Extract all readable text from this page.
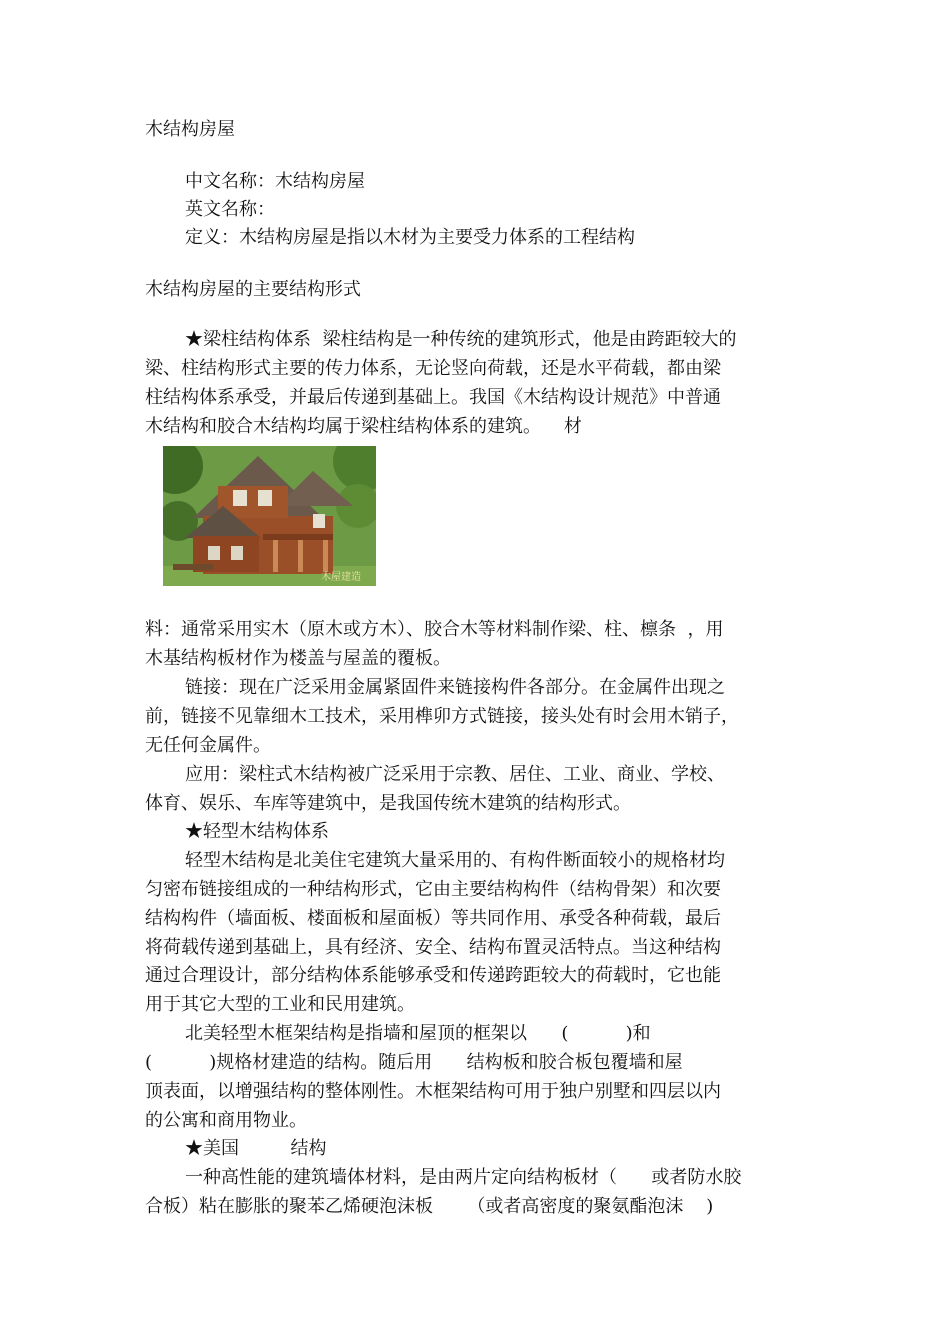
木结构房屋

中文名称：木结构房屋

英文名称：

定义：木结构房屋是指以木材为主要受力体系的工程结构

木结构房屋的主要结构形式

★梁柱结构体系  梁柱结构是一种传统的建筑形式，他是由跨距较大的

梁、柱结构形式主要的传力体系，无论竖向荷载，还是水平荷载，都由梁

柱结构体系承受，并最后传递到基础上。我国《木结构设计规范》中普通

木结构和胶合木结构均属于梁柱结构体系的建筑。    材

木屋建造

料：通常采用实木（原木或方木）、胶合木等材料制作梁、柱、檩条  ，用

木基结构板材作为楼盖与屋盖的覆板。

链接：现在广泛采用金属紧固件来链接构件各部分。在金属件出现之

前，链接不见靠细木工技术，采用榫卯方式链接，接头处有时会用木销子，

无任何金属件。

应用：梁柱式木结构被广泛采用于宗教、居住、工业、商业、学校、

体育、娱乐、车库等建筑中，是我国传统木建筑的结构形式。

★轻型木结构体系

轻型木结构是北美住宅建筑大量采用的、有构件断面较小的规格材均

匀密布链接组成的一种结构形式，它由主要结构构件（结构骨架）和次要

结构构件（墙面板、楼面板和屋面板）等共同作用、承受各种荷载，最后

将荷载传递到基础上，具有经济、安全、结构布置灵活特点。当这种结构

通过合理设计，部分结构体系能够承受和传递跨距较大的荷载时，它也能

用于其它大型的工业和民用建筑。

北美轻型木框架结构是指墙和屋顶的框架以      (          )和

(          )规格材建造的结构。随后用      结构板和胶合板包覆墙和屋

顶表面，以增强结构的整体刚性。木框架结构可用于独户别墅和四层以内

的公寓和商用物业。

★美国         结构

一种高性能的建筑墙体材料，是由两片定向结构板材（      或者防水胶

合板）粘在膨胀的聚苯乙烯硬泡沫板      （或者高密度的聚氨酯泡沫    )
